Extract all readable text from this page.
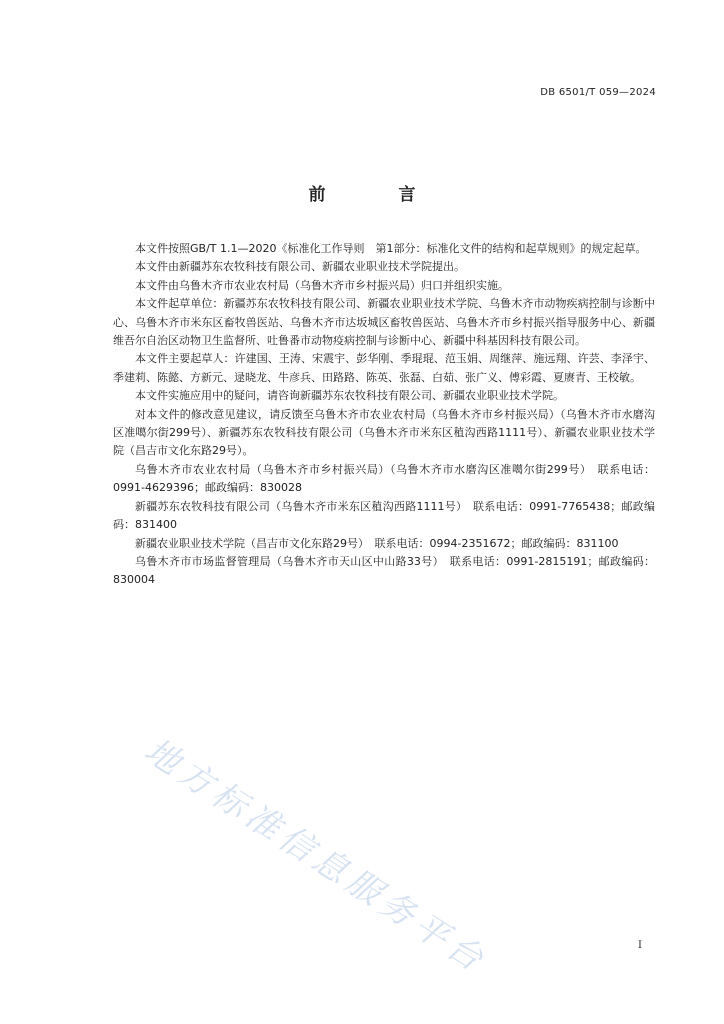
DB 6501/T 059—2024
前　言

本文件按照GB/T 1.1—2020《标准化工作导则　第1部分：标准化文件的结构和起草规则》的规定起草。

本文件由新疆苏东农牧科技有限公司、新疆农业职业技术学院提出。

本文件由乌鲁木齐市农业农村局（乌鲁木齐市乡村振兴局）归口并组织实施。

本文件起草单位：新疆苏东农牧科技有限公司、新疆农业职业技术学院、乌鲁木齐市动物疾病控制与诊断中心、乌鲁木齐市米东区畜牧兽医站、乌鲁木齐市达坂城区畜牧兽医站、乌鲁木齐市乡村振兴指导服务中心、新疆维吾尔自治区动物卫生监督所、吐鲁番市动物疫病控制与诊断中心、新疆中科基因科技有限公司。

本文件主要起草人：许建国、王涛、宋震宇、彭华刚、季琨琨、范玉娟、周继萍、施远翔、许芸、李泽宇、季建莉、陈懿、方新元、逯晓龙、牛彦兵、田路路、陈英、张磊、白茹、张广义、傅彩霞、夏赓青、王校敏。

本文件实施应用中的疑问，请咨询新疆苏东农牧科技有限公司、新疆农业职业技术学院。

对本文件的修改意见建议，请反馈至乌鲁木齐市农业农村局（乌鲁木齐市乡村振兴局）（乌鲁木齐市水磨沟区准噶尔街299号）、新疆苏东农牧科技有限公司（乌鲁木齐市米东区稙沟西路1111号）、新疆农业职业技术学院（昌吉市文化东路29号）。

乌鲁木齐市农业农村局（乌鲁木齐市乡村振兴局）（乌鲁木齐市水磨沟区准噶尔街299号）　联系电话：0991-4629396；邮政编码：830028

新疆苏东农牧科技有限公司（乌鲁木齐市米东区稙沟西路1111号）　联系电话：0991-7765438；邮政编码：831400

新疆农业职业技术学院（昌吉市文化东路29号）　联系电话：0994-2351672；邮政编码：831100

乌鲁木齐市市场监督管理局（乌鲁木齐市天山区中山路33号）　联系电话：0991-2815191；邮政编码：830004

地方标准信息服务平台	I
